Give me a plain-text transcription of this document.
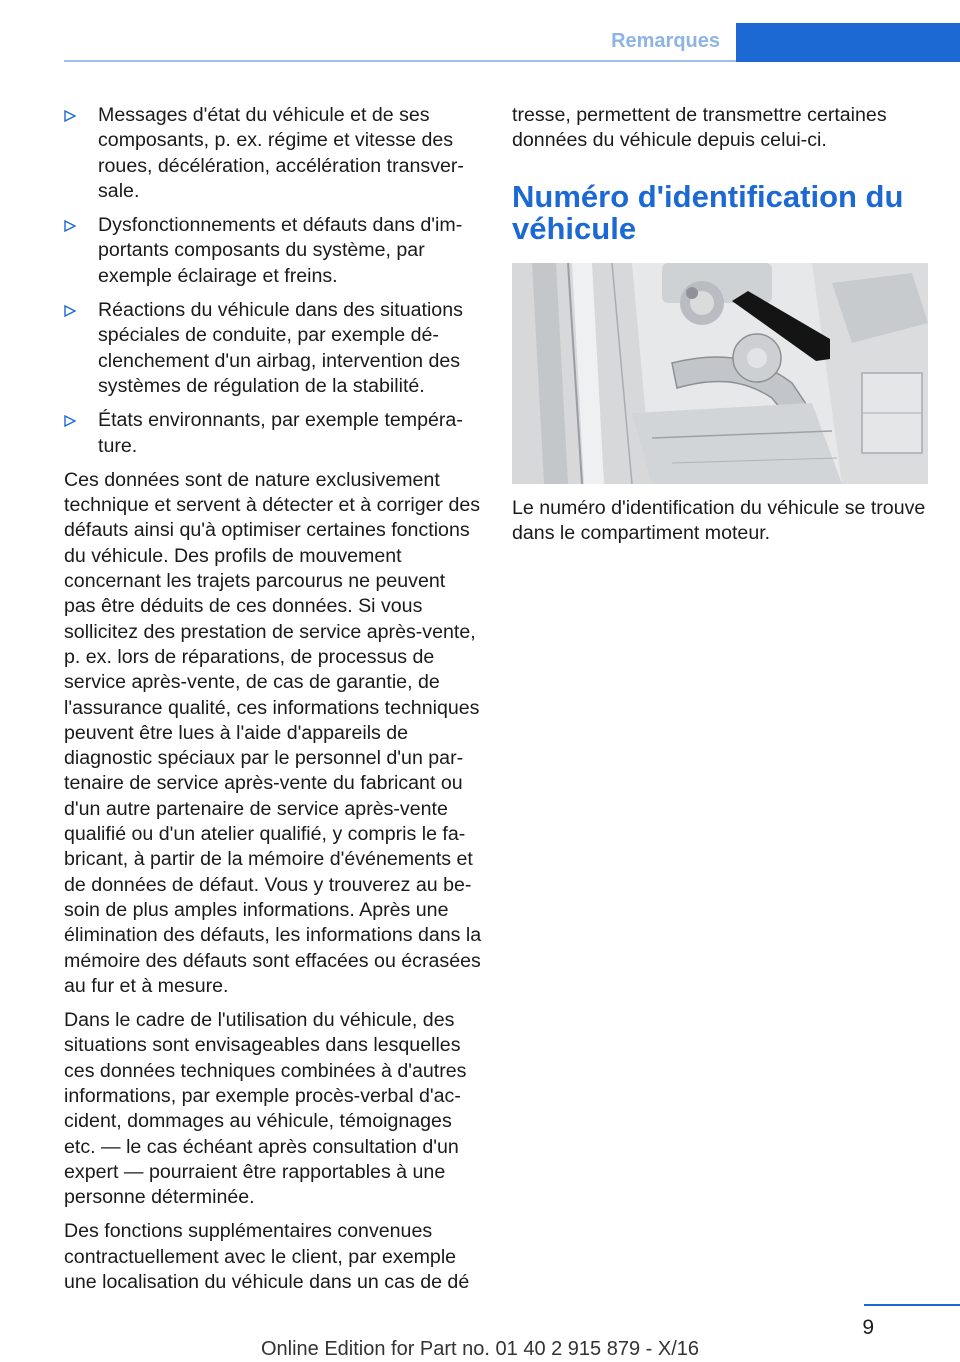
Remarques
Messages d'état du véhicule et de ses composants, p. ex. régime et vitesse des roues, décélération, accélération transversale.
Dysfonctionnements et défauts dans d'importants composants du système, par exemple éclairage et freins.
Réactions du véhicule dans des situations spéciales de conduite, par exemple déclenchement d'un airbag, intervention des systèmes de régulation de la stabilité.
États environnants, par exemple température.

Ces données sont de nature exclusivement technique et servent à détecter et à corriger des défauts ainsi qu'à optimiser certaines fonctions du véhicule. Des profils de mouvement concernant les trajets parcourus ne peuvent pas être déduits de ces données. Si vous sollicitez des prestation de service après-vente, p. ex. lors de réparations, de processus de service après-vente, de cas de garantie, de l'assurance qualité, ces informations techniques peuvent être lues à l'aide d'appareils de diagnostic spéciaux par le personnel d'un partenaire de service après-vente du fabricant ou d'un autre partenaire de service après-vente qualifié ou d'un atelier qualifié, y compris le fabricant, à partir de la mémoire d'événements et de données de défaut. Vous y trouverez au besoin de plus amples informations. Après une élimination des défauts, les informations dans la mémoire des défauts sont effacées ou écrasées au fur et à mesure.

Dans le cadre de l'utilisation du véhicule, des situations sont envisageables dans lesquelles ces données techniques combinées à d'autres informations, par exemple procès-verbal d'accident, dommages au véhicule, témoignages etc. — le cas échéant après consultation d'un expert — pourraient être rapportables à une personne déterminée.

Des fonctions supplémentaires convenues contractuellement avec le client, par exemple une localisation du véhicule dans un cas de dé

tresse, permettent de transmettre certaines données du véhicule depuis celui-ci.

Numéro d'identification du véhicule

Le numéro d'identification du véhicule se trouve dans le compartiment moteur.

9
Online Edition for Part no. 01 40 2 915 879 - X/16
